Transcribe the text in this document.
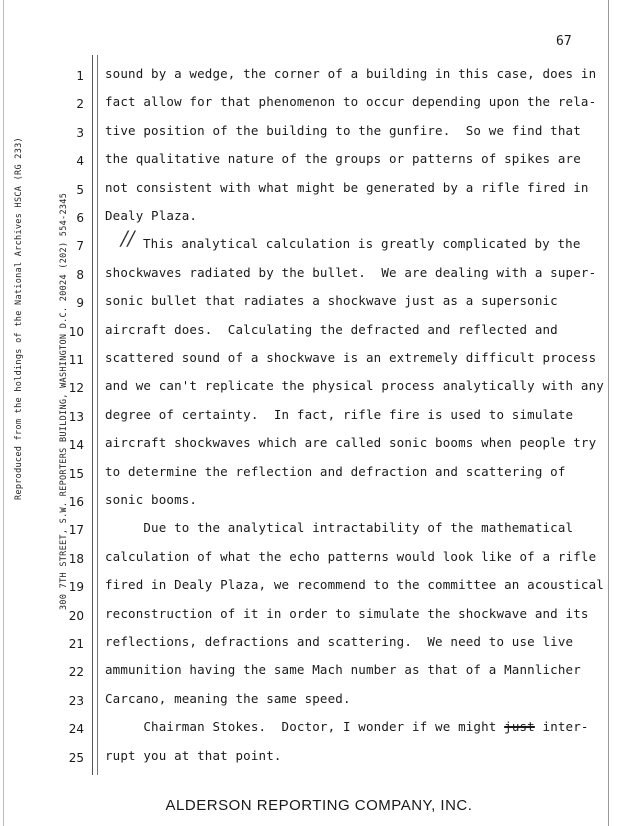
67
Reproduced from the holdings of the National Archives HSCA (RG 233)	300 7TH STREET, S.W. REPORTERS BUILDING, WASHINGTON D.C. 20024 (202) 554-2345	//
1 sound by a wedge, the corner of a building in this case, does in
2 fact allow for that phenomenon to occur depending upon the rela-
3 tive position of the building to the gunfire.  So we find that
4 the qualitative nature of the groups or patterns of spikes are
5 not consistent with what might be generated by a rifle fired in
6 Dealy Plaza.
7	This analytical calculation is greatly complicated by the
8 shockwaves radiated by the bullet.  We are dealing with a super-
9 sonic bullet that radiates a shockwave just as a supersonic
10 aircraft does.  Calculating the defracted and reflected and
11 scattered sound of a shockwave is an extremely difficult process
12 and we can't replicate the physical process analytically with any
13 degree of certainty.  In fact, rifle fire is used to simulate
14 aircraft shockwaves which are called sonic booms when people try
15 to determine the reflection and defraction and scattering of
16 sonic booms.
17 Due to the analytical intractability of the mathematical
18 calculation of what the echo patterns would look like of a rifle
19 fired in Dealy Plaza, we recommend to the committee an acoustical
20 reconstruction of it in order to simulate the shockwave and its
21 reflections, defractions and scattering.  We need to use live
22 ammunition having the same Mach number as that of a Mannlicher
23 Carcano, meaning the same speed.
24 Chairman Stokes.  Doctor, I wonder if we might just inter-
25 rupt you at that point.
ALDERSON REPORTING COMPANY, INC.
